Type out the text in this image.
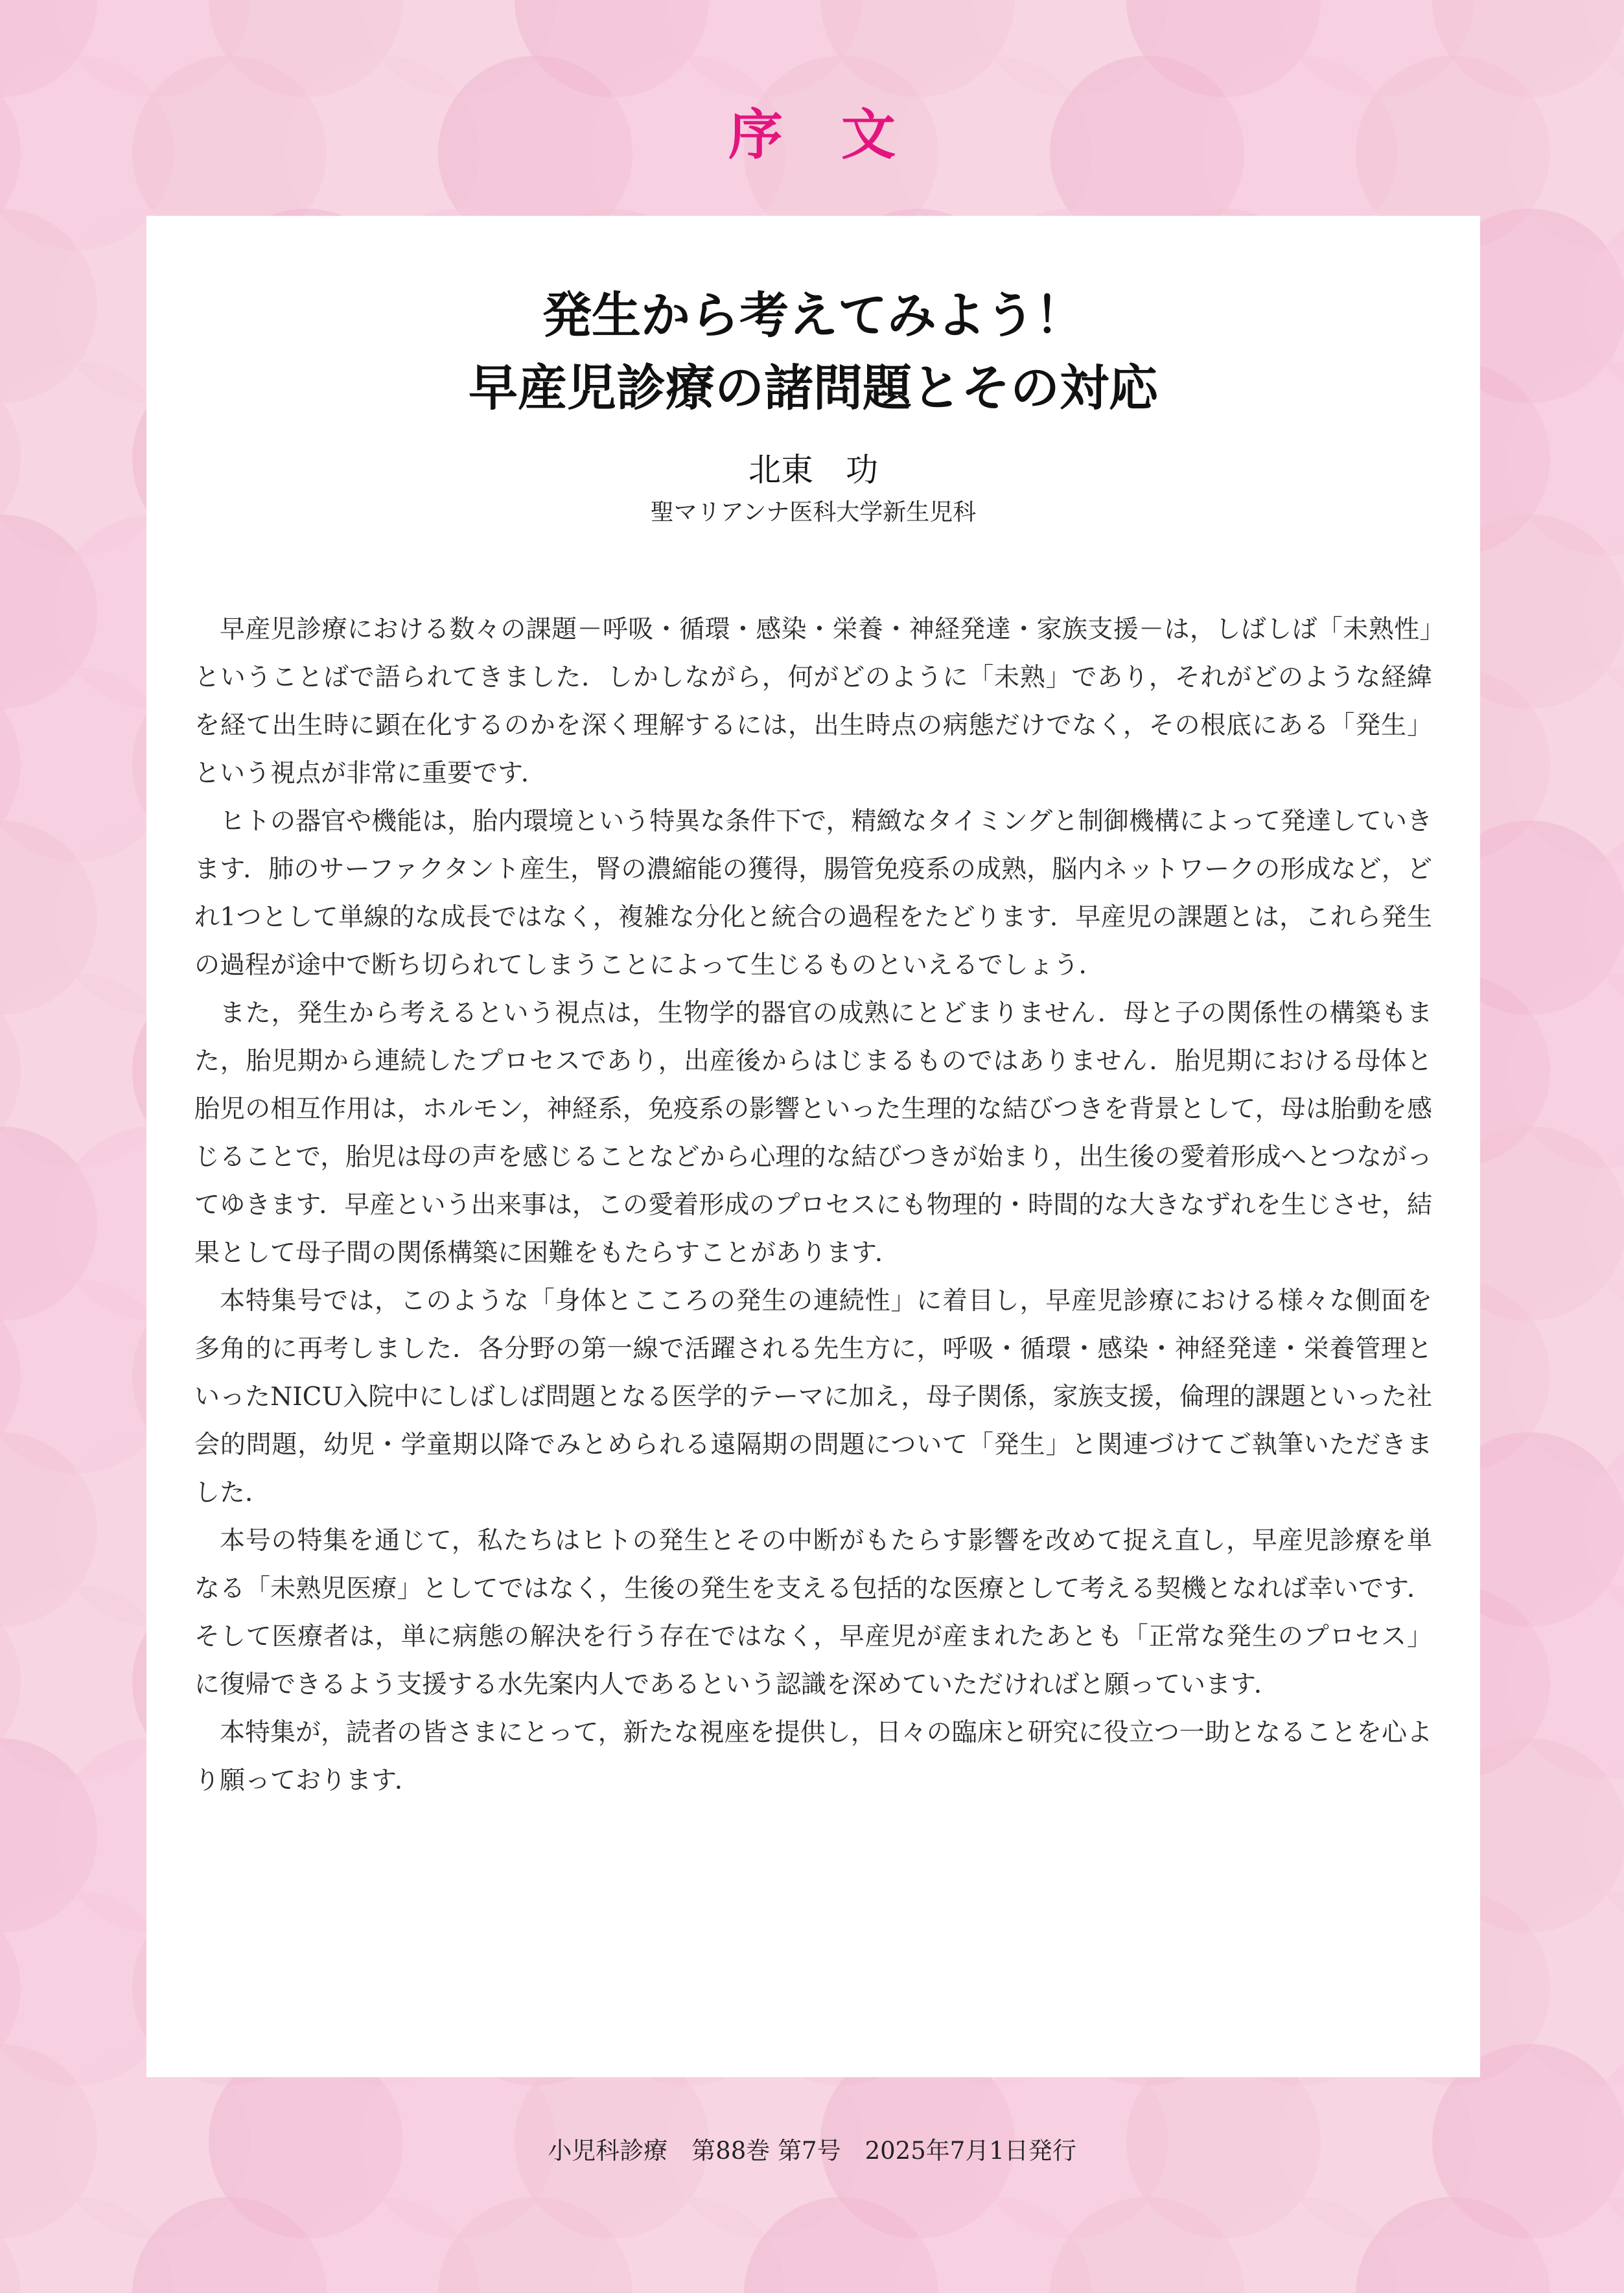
序文
発生から考えてみよう！
早産児診療の諸問題とその対応
北東　功
聖マリアンナ医科大学新生児科

早産児診療における数々の課題－呼吸・循環・感染・栄養・神経発達・家族支援－は，しばしば「未熟性」ということばで語られてきました．しかしながら，何がどのように「未熟」であり，それがどのような経緯を経て出生時に顕在化するのかを深く理解するには，出生時点の病態だけでなく，その根底にある「発生」という視点が非常に重要です．

ヒトの器官や機能は，胎内環境という特異な条件下で，精緻なタイミングと制御機構によって発達していきます．肺のサーファクタント産生，腎の濃縮能の獲得，腸管免疫系の成熟，脳内ネットワークの形成など，どれ1つとして単線的な成長ではなく，複雑な分化と統合の過程をたどります．早産児の課題とは，これら発生の過程が途中で断ち切られてしまうことによって生じるものといえるでしょう．

また，発生から考えるという視点は，生物学的器官の成熟にとどまりません．母と子の関係性の構築もまた，胎児期から連続したプロセスであり，出産後からはじまるものではありません．胎児期における母体と胎児の相互作用は，ホルモン，神経系，免疫系の影響といった生理的な結びつきを背景として，母は胎動を感じることで，胎児は母の声を感じることなどから心理的な結びつきが始まり，出生後の愛着形成へとつながってゆきます．早産という出来事は，この愛着形成のプロセスにも物理的・時間的な大きなずれを生じさせ，結果として母子間の関係構築に困難をもたらすことがあります．

本特集号では，このような「身体とこころの発生の連続性」に着目し，早産児診療における様々な側面を多角的に再考しました．各分野の第一線で活躍される先生方に，呼吸・循環・感染・神経発達・栄養管理といったNICU入院中にしばしば問題となる医学的テーマに加え，母子関係，家族支援，倫理的課題といった社会的問題，幼児・学童期以降でみとめられる遠隔期の問題について「発生」と関連づけてご執筆いただきました．

本号の特集を通じて，私たちはヒトの発生とその中断がもたらす影響を改めて捉え直し，早産児診療を単なる「未熟児医療」としてではなく，生後の発生を支える包括的な医療として考える契機となれば幸いです．そして医療者は，単に病態の解決を行う存在ではなく，早産児が産まれたあとも「正常な発生のプロセス」に復帰できるよう支援する水先案内人であるという認識を深めていただければと願っています．

本特集が，読者の皆さまにとって，新たな視座を提供し，日々の臨床と研究に役立つ一助となることを心より願っております．

小児科診療　第88巻 第7号　2025年7月1日発行
